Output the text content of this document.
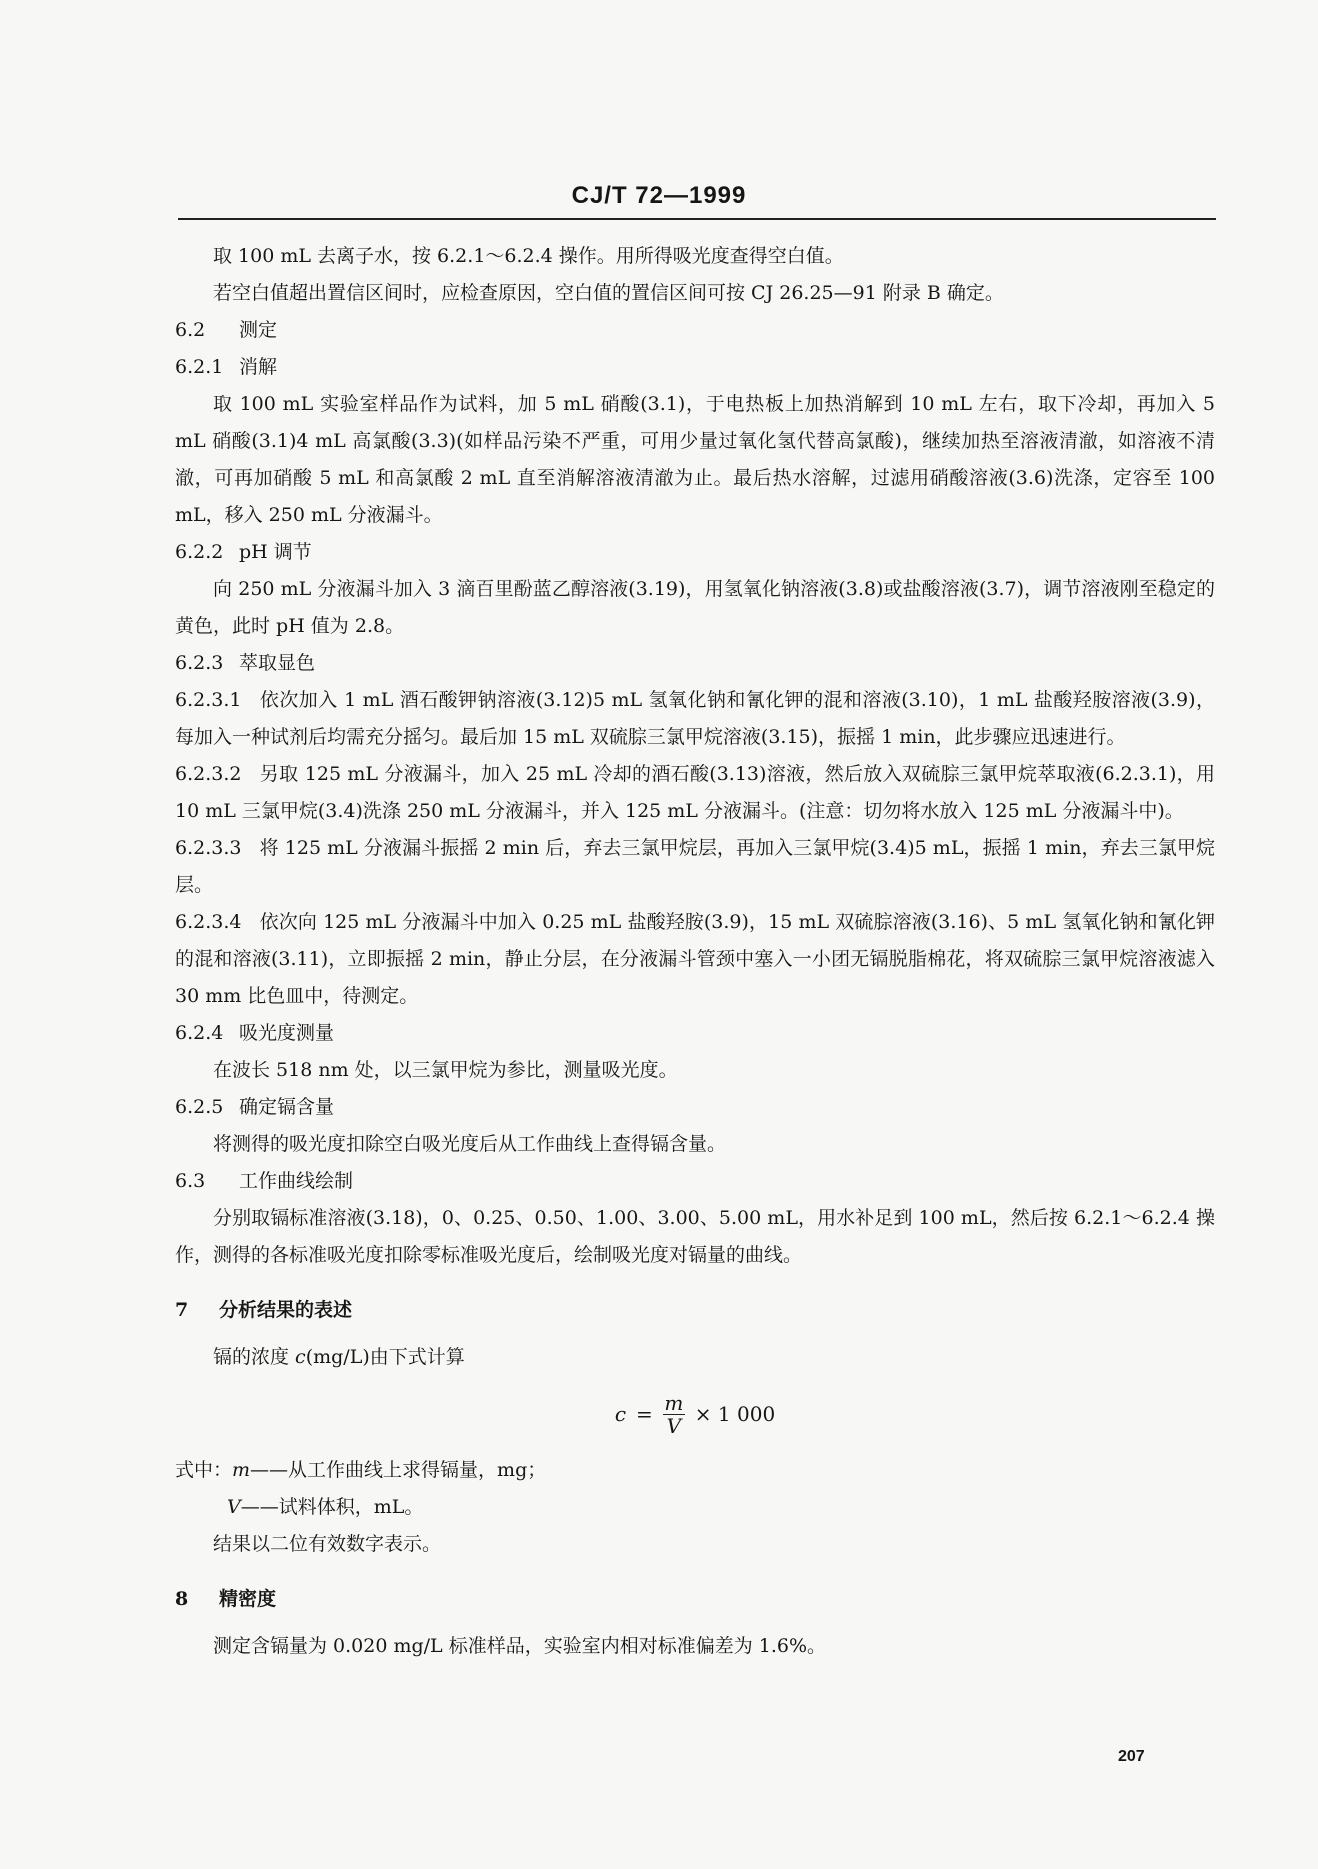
CJ/T 72—1999

取 100 mL 去离子水，按 6.2.1～6.2.4 操作。用所得吸光度查得空白值。

若空白值超出置信区间时，应检查原因，空白值的置信区间可按 CJ 26.25—91 附录 B 确定。

6.2 测定

6.2.1 消解

取 100 mL 实验室样品作为试料，加 5 mL 硝酸(3.1)，于电热板上加热消解到 10 mL 左右，取下冷却，再加入 5 mL 硝酸(3.1)4 mL 高氯酸(3.3)(如样品污染不严重，可用少量过氧化氢代替高氯酸)，继续加热至溶液清澈，如溶液不清澈，可再加硝酸 5 mL 和高氯酸 2 mL 直至消解溶液清澈为止。最后热水溶解，过滤用硝酸溶液(3.6)洗涤，定容至 100 mL，移入 250 mL 分液漏斗。

6.2.2 pH 调节

向 250 mL 分液漏斗加入 3 滴百里酚蓝乙醇溶液(3.19)，用氢氧化钠溶液(3.8)或盐酸溶液(3.7)，调节溶液刚至稳定的黄色，此时 pH 值为 2.8。

6.2.3 萃取显色

6.2.3.1 依次加入 1 mL 酒石酸钾钠溶液(3.12)5 mL 氢氧化钠和氰化钾的混和溶液(3.10)，1 mL 盐酸羟胺溶液(3.9)，每加入一种试剂后均需充分摇匀。最后加 15 mL 双硫腙三氯甲烷溶液(3.15)，振摇 1 min，此步骤应迅速进行。

6.2.3.2 另取 125 mL 分液漏斗，加入 25 mL 冷却的酒石酸(3.13)溶液，然后放入双硫腙三氯甲烷萃取液(6.2.3.1)，用 10 mL 三氯甲烷(3.4)洗涤 250 mL 分液漏斗，并入 125 mL 分液漏斗。(注意：切勿将水放入 125 mL 分液漏斗中)。

6.2.3.3 将 125 mL 分液漏斗振摇 2 min 后，弃去三氯甲烷层，再加入三氯甲烷(3.4)5 mL，振摇 1 min，弃去三氯甲烷层。

6.2.3.4 依次向 125 mL 分液漏斗中加入 0.25 mL 盐酸羟胺(3.9)，15 mL 双硫腙溶液(3.16)、5 mL 氢氧化钠和氰化钾的混和溶液(3.11)，立即振摇 2 min，静止分层，在分液漏斗管颈中塞入一小团无镉脱脂棉花，将双硫腙三氯甲烷溶液滤入 30 mm 比色皿中，待测定。

6.2.4 吸光度测量

在波长 518 nm 处，以三氯甲烷为参比，测量吸光度。

6.2.5 确定镉含量

将测得的吸光度扣除空白吸光度后从工作曲线上查得镉含量。

6.3 工作曲线绘制

分别取镉标准溶液(3.18)，0、0.25、0.50、1.00、3.00、5.00 mL，用水补足到 100 mL，然后按 6.2.1～6.2.4 操作，测得的各标准吸光度扣除零标准吸光度后，绘制吸光度对镉量的曲线。

7 分析结果的表述

镉的浓度 c(mg/L)由下式计算

$c = \frac{m}{V} \times 1$ 000

式中：m——从工作曲线上求得镉量，mg；

V——试料体积，mL。

结果以二位有效数字表示。

8 精密度

测定含镉量为 0.020 mg/L 标准样品，实验室内相对标准偏差为 1.6%。

207
